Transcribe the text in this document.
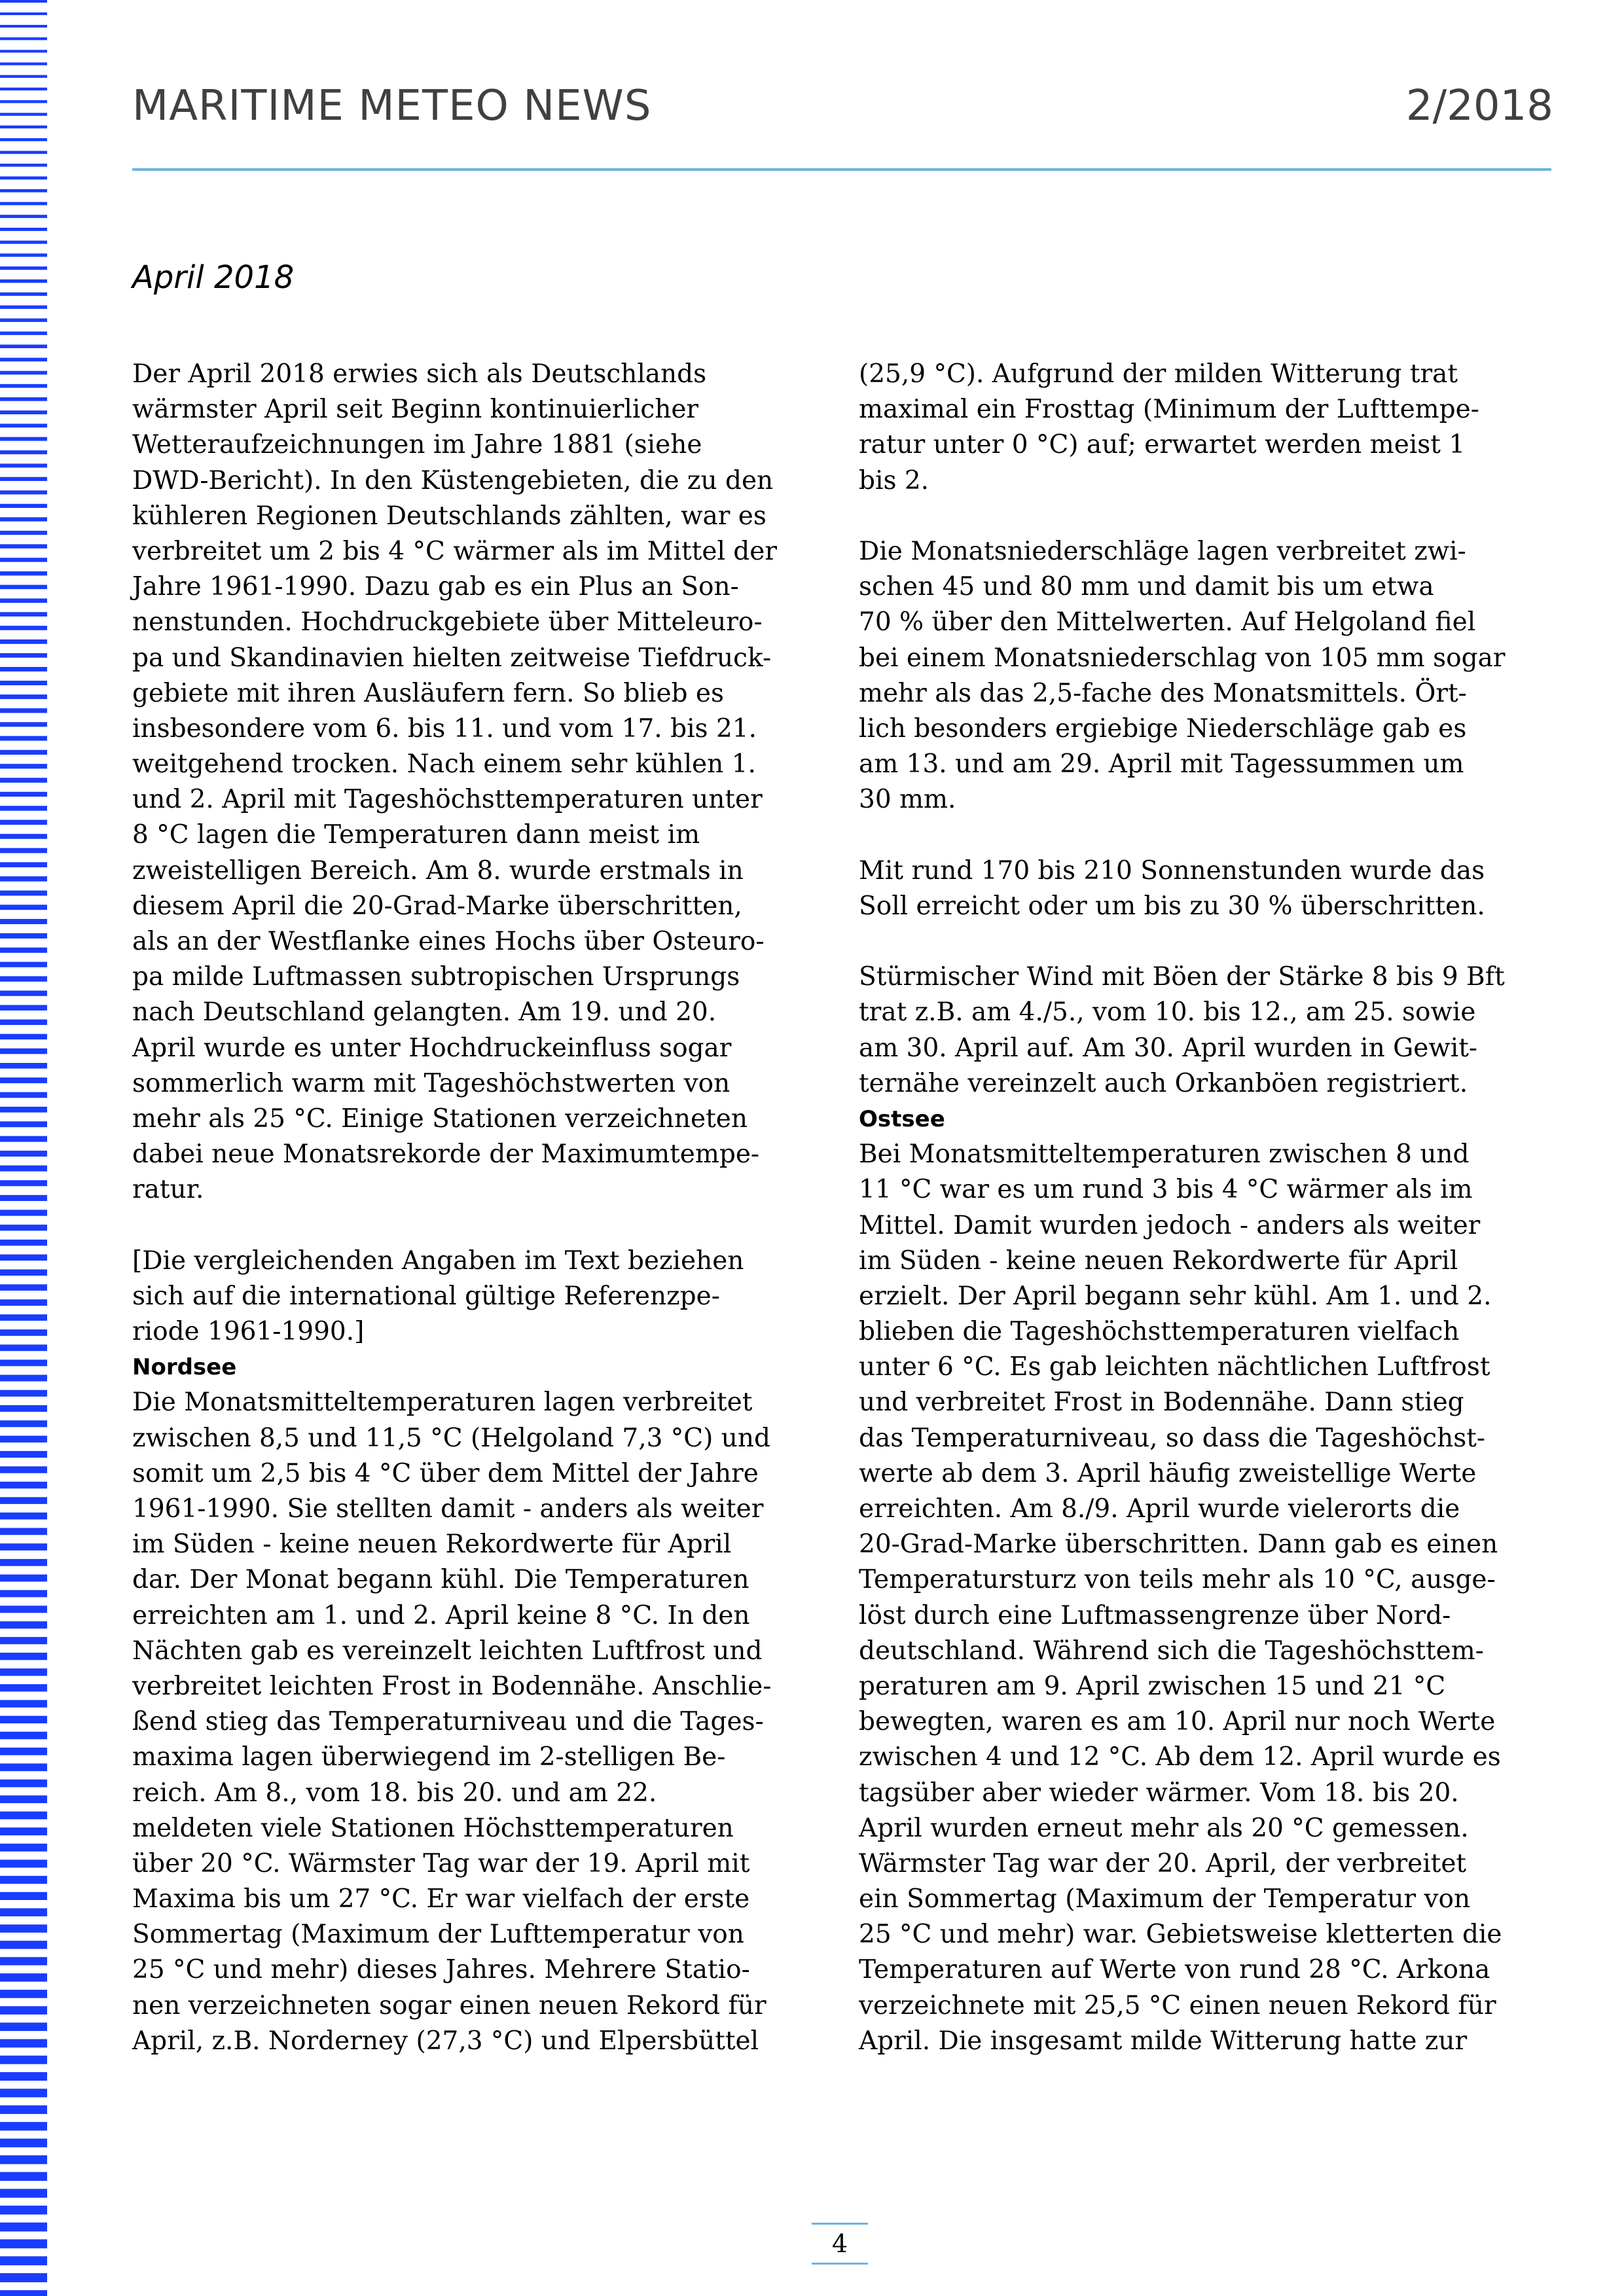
MARITIME METEO NEWS	2/2018
April 2018
Der April 2018 erwies sich als Deutschlands
wärmster April seit Beginn kontinuierlicher
Wetteraufzeichnungen im Jahre 1881 (siehe
DWD-Bericht). In den Küstengebieten, die zu den
kühleren Regionen Deutschlands zählten, war es
verbreitet um 2 bis 4 °C wärmer als im Mittel der
Jahre 1961-1990. Dazu gab es ein Plus an Son-
nenstunden. Hochdruckgebiete über Mitteleuro-
pa und Skandinavien hielten zeitweise Tiefdruck-
gebiete mit ihren Ausläufern fern. So blieb es
insbesondere vom 6. bis 11. und vom 17. bis 21.
weitgehend trocken. Nach einem sehr kühlen 1.
und 2. April mit Tageshöchsttemperaturen unter
8 °C lagen die Temperaturen dann meist im
zweistelligen Bereich. Am 8. wurde erstmals in
diesem April die 20-Grad-Marke überschritten,
als an der Westflanke eines Hochs über Osteuro-
pa milde Luftmassen subtropischen Ursprungs
nach Deutschland gelangten. Am 19. und 20.
April wurde es unter Hochdruckeinfluss sogar
sommerlich warm mit Tageshöchstwerten von
mehr als 25 °C. Einige Stationen verzeichneten
dabei neue Monatsrekorde der Maximumtempe-
ratur.
[Die vergleichenden Angaben im Text beziehen
sich auf die international gültige Referenzpe-
riode 1961-1990.]
Nordsee
Die Monatsmitteltemperaturen lagen verbreitet
zwischen 8,5 und 11,5 °C (Helgoland 7,3 °C) und
somit um 2,5 bis 4 °C über dem Mittel der Jahre
1961-1990. Sie stellten damit - anders als weiter
im Süden - keine neuen Rekordwerte für April
dar. Der Monat begann kühl. Die Temperaturen
erreichten am 1. und 2. April keine 8 °C. In den
Nächten gab es vereinzelt leichten Luftfrost und
verbreitet leichten Frost in Bodennähe. Anschlie-
ßend stieg das Temperaturniveau und die Tages-
maxima lagen überwiegend im 2-stelligen Be-
reich. Am 8., vom 18. bis 20. und am 22.
meldeten viele Stationen Höchsttemperaturen
über 20 °C. Wärmster Tag war der 19. April mit
Maxima bis um 27 °C. Er war vielfach der erste
Sommertag (Maximum der Lufttemperatur von
25 °C und mehr) dieses Jahres. Mehrere Statio-
nen verzeichneten sogar einen neuen Rekord für
April, z.B. Norderney (27,3 °C) und Elpersbüttel
(25,9 °C). Aufgrund der milden Witterung trat
maximal ein Frosttag (Minimum der Lufttempe-
ratur unter 0 °C) auf; erwartet werden meist 1
bis 2.
Die Monatsniederschläge lagen verbreitet zwi-
schen 45 und 80 mm und damit bis um etwa
70 % über den Mittelwerten. Auf Helgoland fiel
bei einem Monatsniederschlag von 105 mm sogar
mehr als das 2,5-fache des Monatsmittels. Ört-
lich besonders ergiebige Niederschläge gab es
am 13. und am 29. April mit Tagessummen um
30 mm.
Mit rund 170 bis 210 Sonnenstunden wurde das
Soll erreicht oder um bis zu 30 % überschritten.
Stürmischer Wind mit Böen der Stärke 8 bis 9 Bft
trat z.B. am 4./5., vom 10. bis 12., am 25. sowie
am 30. April auf. Am 30. April wurden in Gewit-
ternähe vereinzelt auch Orkanböen registriert.
Ostsee
Bei Monatsmitteltemperaturen zwischen 8 und
11 °C war es um rund 3 bis 4 °C wärmer als im
Mittel. Damit wurden jedoch - anders als weiter
im Süden - keine neuen Rekordwerte für April
erzielt. Der April begann sehr kühl. Am 1. und 2.
blieben die Tageshöchsttemperaturen vielfach
unter 6 °C. Es gab leichten nächtlichen Luftfrost
und verbreitet Frost in Bodennähe. Dann stieg
das Temperaturniveau, so dass die Tageshöchst-
werte ab dem 3. April häufig zweistellige Werte
erreichten. Am 8./9. April wurde vielerorts die
20-Grad-Marke überschritten. Dann gab es einen
Temperatursturz von teils mehr als 10 °C, ausge-
löst durch eine Luftmassengrenze über Nord-
deutschland. Während sich die Tageshöchsttem-
peraturen am 9. April zwischen 15 und 21 °C
bewegten, waren es am 10. April nur noch Werte
zwischen 4 und 12 °C. Ab dem 12. April wurde es
tagsüber aber wieder wärmer. Vom 18. bis 20.
April wurden erneut mehr als 20 °C gemessen.
Wärmster Tag war der 20. April, der verbreitet
ein Sommertag (Maximum der Temperatur von
25 °C und mehr) war. Gebietsweise kletterten die
Temperaturen auf Werte von rund 28 °C. Arkona
verzeichnete mit 25,5 °C einen neuen Rekord für
April. Die insgesamt milde Witterung hatte zur
4
